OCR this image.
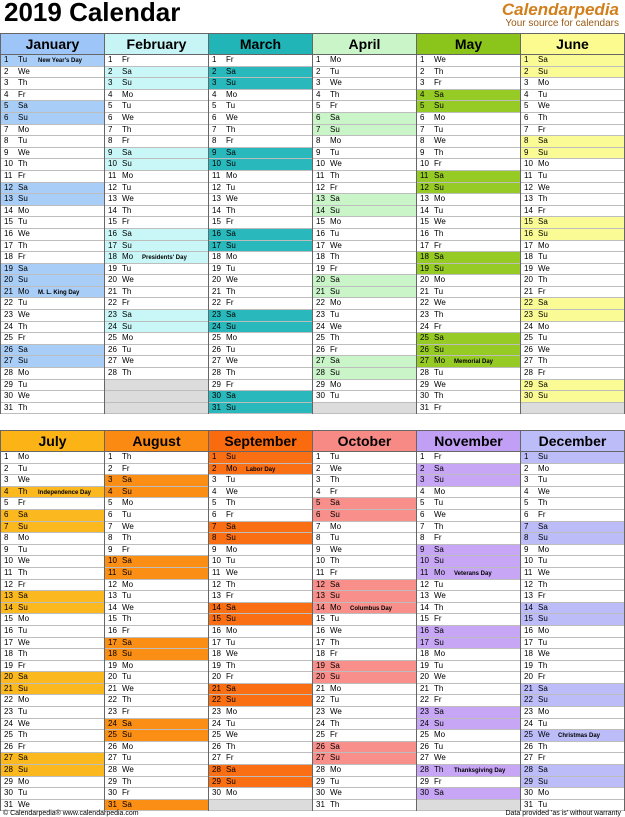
2019 Calendar	Calendarpedia
Your source for calendars
January
1 Tu New Year's Day
2 We
3 Th
4 Fr
5 Sa
6 Su
7 Mo
8 Tu
9 We
10 Th
11 Fr
12 Sa
13 Su
14 Mo
15 Tu
16 We
17 Th
18 Fr
19 Sa
20 Su
21 Mo M. L. King Day
22 Tu
23 We
24 Th
25 Fr
26 Sa
27 Su
28 Mo
29 Tu
30 We
31 Th
February
1 Fr
2 Sa
3 Su
4 Mo
5 Tu
6 We
7 Th
8 Fr
9 Sa
10 Su
11 Mo
12 Tu
13 We
14 Th
15 Fr
16 Sa
17 Su
18 Mo Presidents' Day
19 Tu
20 We
21 Th
22 Fr
23 Sa
24 Su
25 Mo
26 Tu
27 We
28 Th
March
1 Fr
2 Sa
3 Su
4 Mo
5 Tu
6 We
7 Th
8 Fr
9 Sa
10 Su
11 Mo
12 Tu
13 We
14 Th
15 Fr
16 Sa
17 Su
18 Mo
19 Tu
20 We
21 Th
22 Fr
23 Sa
24 Su
25 Mo
26 Tu
27 We
28 Th
29 Fr
30 Sa
31 Su
April
1 Mo
2 Tu
3 We
4 Th
5 Fr
6 Sa
7 Su
8 Mo
9 Tu
10 We
11 Th
12 Fr
13 Sa
14 Su
15 Mo
16 Tu
17 We
18 Th
19 Fr
20 Sa
21 Su
22 Mo
23 Tu
24 We
25 Th
26 Fr
27 Sa
28 Su
29 Mo
30 Tu
May
1 We
2 Th
3 Fr
4 Sa
5 Su
6 Mo
7 Tu
8 We
9 Th
10 Fr
11 Sa
12 Su
13 Mo
14 Tu
15 We
16 Th
17 Fr
18 Sa
19 Su
20 Mo
21 Tu
22 We
23 Th
24 Fr
25 Sa
26 Su
27 Mo Memorial Day
28 Tu
29 We
30 Th
31 Fr
June
1 Sa
2 Su
3 Mo
4 Tu
5 We
6 Th
7 Fr
8 Sa
9 Su
10 Mo
11 Tu
12 We
13 Th
14 Fr
15 Sa
16 Su
17 Mo
18 Tu
19 We
20 Th
21 Fr
22 Sa
23 Su
24 Mo
25 Tu
26 We
27 Th
28 Fr
29 Sa
30 Su
July
1 Mo
2 Tu
3 We
4 Th Independence Day
5 Fr
6 Sa
7 Su
8 Mo
9 Tu
10 We
11 Th
12 Fr
13 Sa
14 Su
15 Mo
16 Tu
17 We
18 Th
19 Fr
20 Sa
21 Su
22 Mo
23 Tu
24 We
25 Th
26 Fr
27 Sa
28 Su
29 Mo
30 Tu
31 We
August
1 Th
2 Fr
3 Sa
4 Su
5 Mo
6 Tu
7 We
8 Th
9 Fr
10 Sa
11 Su
12 Mo
13 Tu
14 We
15 Th
16 Fr
17 Sa
18 Su
19 Mo
20 Tu
21 We
22 Th
23 Fr
24 Sa
25 Su
26 Mo
27 Tu
28 We
29 Th
30 Fr
31 Sa
September
1 Su
2 Mo Labor Day
3 Tu
4 We
5 Th
6 Fr
7 Sa
8 Su
9 Mo
10 Tu
11 We
12 Th
13 Fr
14 Sa
15 Su
16 Mo
17 Tu
18 We
19 Th
20 Fr
21 Sa
22 Su
23 Mo
24 Tu
25 We
26 Th
27 Fr
28 Sa
29 Su
30 Mo
October
1 Tu
2 We
3 Th
4 Fr
5 Sa
6 Su
7 Mo
8 Tu
9 We
10 Th
11 Fr
12 Sa
13 Su
14 Mo Columbus Day
15 Tu
16 We
17 Th
18 Fr
19 Sa
20 Su
21 Mo
22 Tu
23 We
24 Th
25 Fr
26 Sa
27 Su
28 Mo
29 Tu
30 We
31 Th
November
1 Fr
2 Sa
3 Su
4 Mo
5 Tu
6 We
7 Th
8 Fr
9 Sa
10 Su
11 Mo Veterans Day
12 Tu
13 We
14 Th
15 Fr
16 Sa
17 Su
18 Mo
19 Tu
20 We
21 Th
22 Fr
23 Sa
24 Su
25 Mo
26 Tu
27 We
28 Th Thanksgiving Day
29 Fr
30 Sa
December
1 Su
2 Mo
3 Tu
4 We
5 Th
6 Fr
7 Sa
8 Su
9 Mo
10 Tu
11 We
12 Th
13 Fr
14 Sa
15 Su
16 Mo
17 Tu
18 We
19 Th
20 Fr
21 Sa
22 Su
23 Mo
24 Tu
25 We Christmas Day
26 Th
27 Fr
28 Sa
29 Su
30 Mo
31 Tu
© Calendarpedia® www.calendarpedia.com	Data provided 'as is' without warranty
